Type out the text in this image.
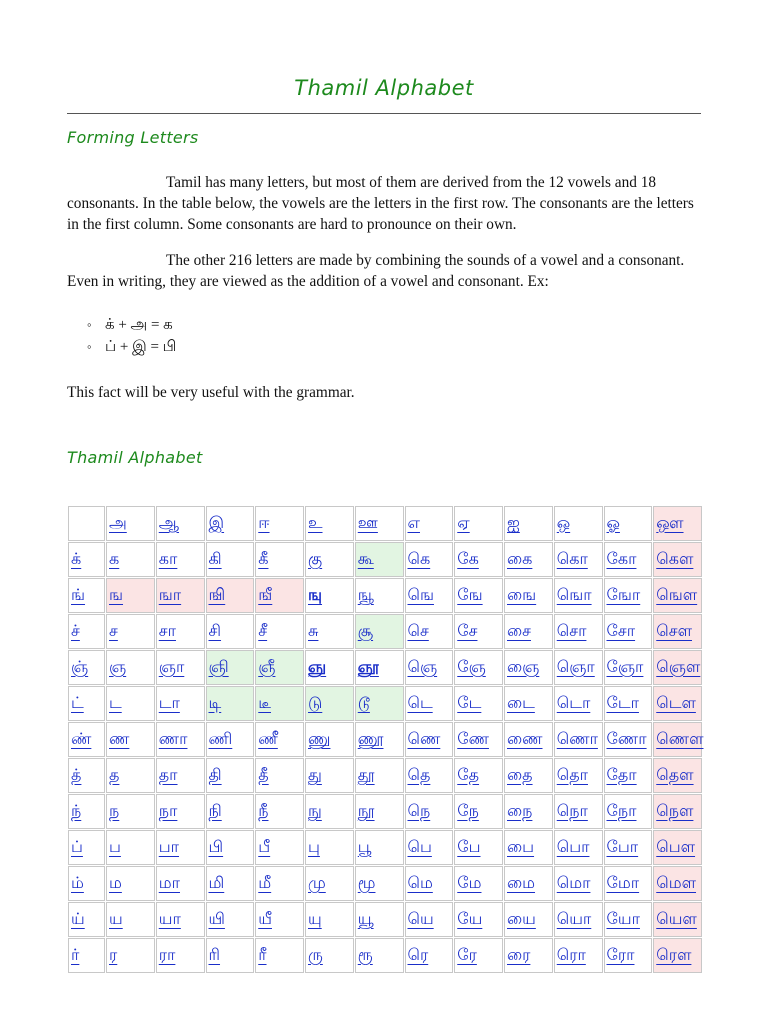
Thamil Alphabet
Forming Letters

Tamil has many letters, but most of them are derived from the 12 vowels and 18 consonants. In the table below, the vowels are the letters in the first row. The consonants are the letters in the first column. Some consonants are hard to pronounce on their own.

The other 216 letters are made by combining the sounds of a vowel and a consonant. Even in writing, they are viewed as the addition of a vowel and consonant. Ex:

◦ க் + அ = க
◦ ப் + இ = பி
This fact will be very useful with the grammar.
Thamil Alphabet
	அ	ஆ	இ	ஈ	உ	ஊ	எ	ஏ	ஐ	ஒ	ஓ	ஔ
க்	க	கா	கி	கீ	கு	கூ	கெ	கே	கை	கொ	கோ	கௌ
ங்	ங	ஙா	ஙி	ஙீ	ஙு	ஙூ	ஙெ	ஙே	ஙை	ஙொ	ஙோ	ஙௌ
ச்	ச	சா	சி	சீ	சு	சூ	செ	சே	சை	சொ	சோ	சௌ
ஞ்	ஞ	ஞா	ஞி	ஞீ	ஞு	ஞூ	ஞெ	ஞே	ஞை	ஞொ	ஞோ	ஞௌ
ட்	ட	டா	டி	டீ	டு	டூ	டெ	டே	டை	டொ	டோ	டௌ
ண்	ண	ணா	ணி	ணீ	ணு	ணூ	ணெ	ணே	ணை	ணொ	ணோ	ணௌ
த்	த	தா	தி	தீ	து	தூ	தெ	தே	தை	தொ	தோ	தௌ
ந்	ந	நா	நி	நீ	நு	நூ	நெ	நே	நை	நொ	நோ	நௌ
ப்	ப	பா	பி	பீ	பு	பூ	பெ	பே	பை	பொ	போ	பௌ
ம்	ம	மா	மி	மீ	மு	மூ	மெ	மே	மை	மொ	மோ	மௌ
ய்	ய	யா	யி	யீ	யு	யூ	யெ	யே	யை	யொ	யோ	யௌ
ர்	ர	ரா	ரி	ரீ	ரு	ரூ	ரெ	ரே	ரை	ரொ	ரோ	ரௌ
